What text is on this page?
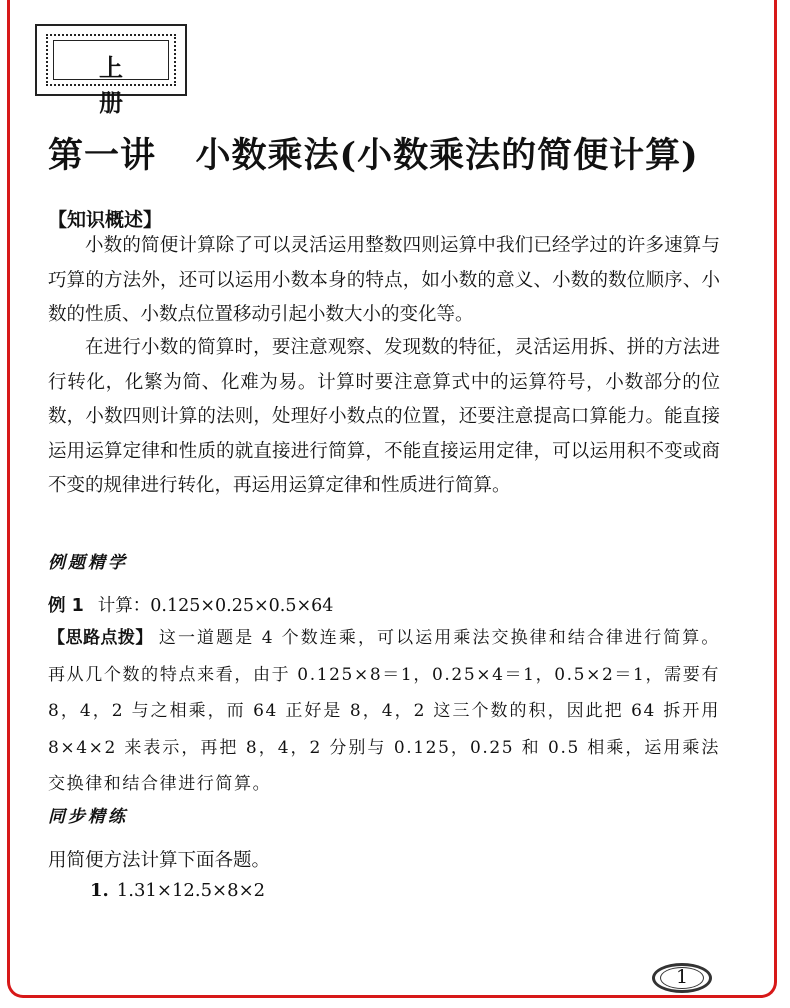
上 册
第一讲   小数乘法(小数乘法的简便计算)
【知识概述】

小数的简便计算除了可以灵活运用整数四则运算中我们已经学过的许多速算与巧算的方法外，还可以运用小数本身的特点，如小数的意义、小数的数位顺序、小数的性质、小数点位置移动引起小数大小的变化等。

在进行小数的简算时，要注意观察、发现数的特征，灵活运用拆、拼的方法进行转化，化繁为简、化难为易。计算时要注意算式中的运算符号，小数部分的位数，小数四则计算的法则，处理好小数点的位置，还要注意提高口算能力。能直接运用运算定律和性质的就直接进行简算，不能直接运用定律，可以运用积不变或商不变的规律进行转化，再运用运算定律和性质进行简算。

例题精学
例 1 计算：0.125×0.25×0.5×64

【思路点拨】 这一道题是 4 个数连乘，可以运用乘法交换律和结合律进行简算。再从几个数的特点来看，由于 0.125×8＝1，0.25×4＝1，0.5×2＝1，需要有 8，4，2 与之相乘，而 64 正好是 8，4，2 这三个数的积，因此把 64 拆开用 8×4×2 来表示，再把 8，4，2 分别与 0.125，0.25 和 0.5 相乘，运用乘法交换律和结合律进行简算。

同步精练
用简便方法计算下面各题。
1. 1.31×12.5×8×2
1
